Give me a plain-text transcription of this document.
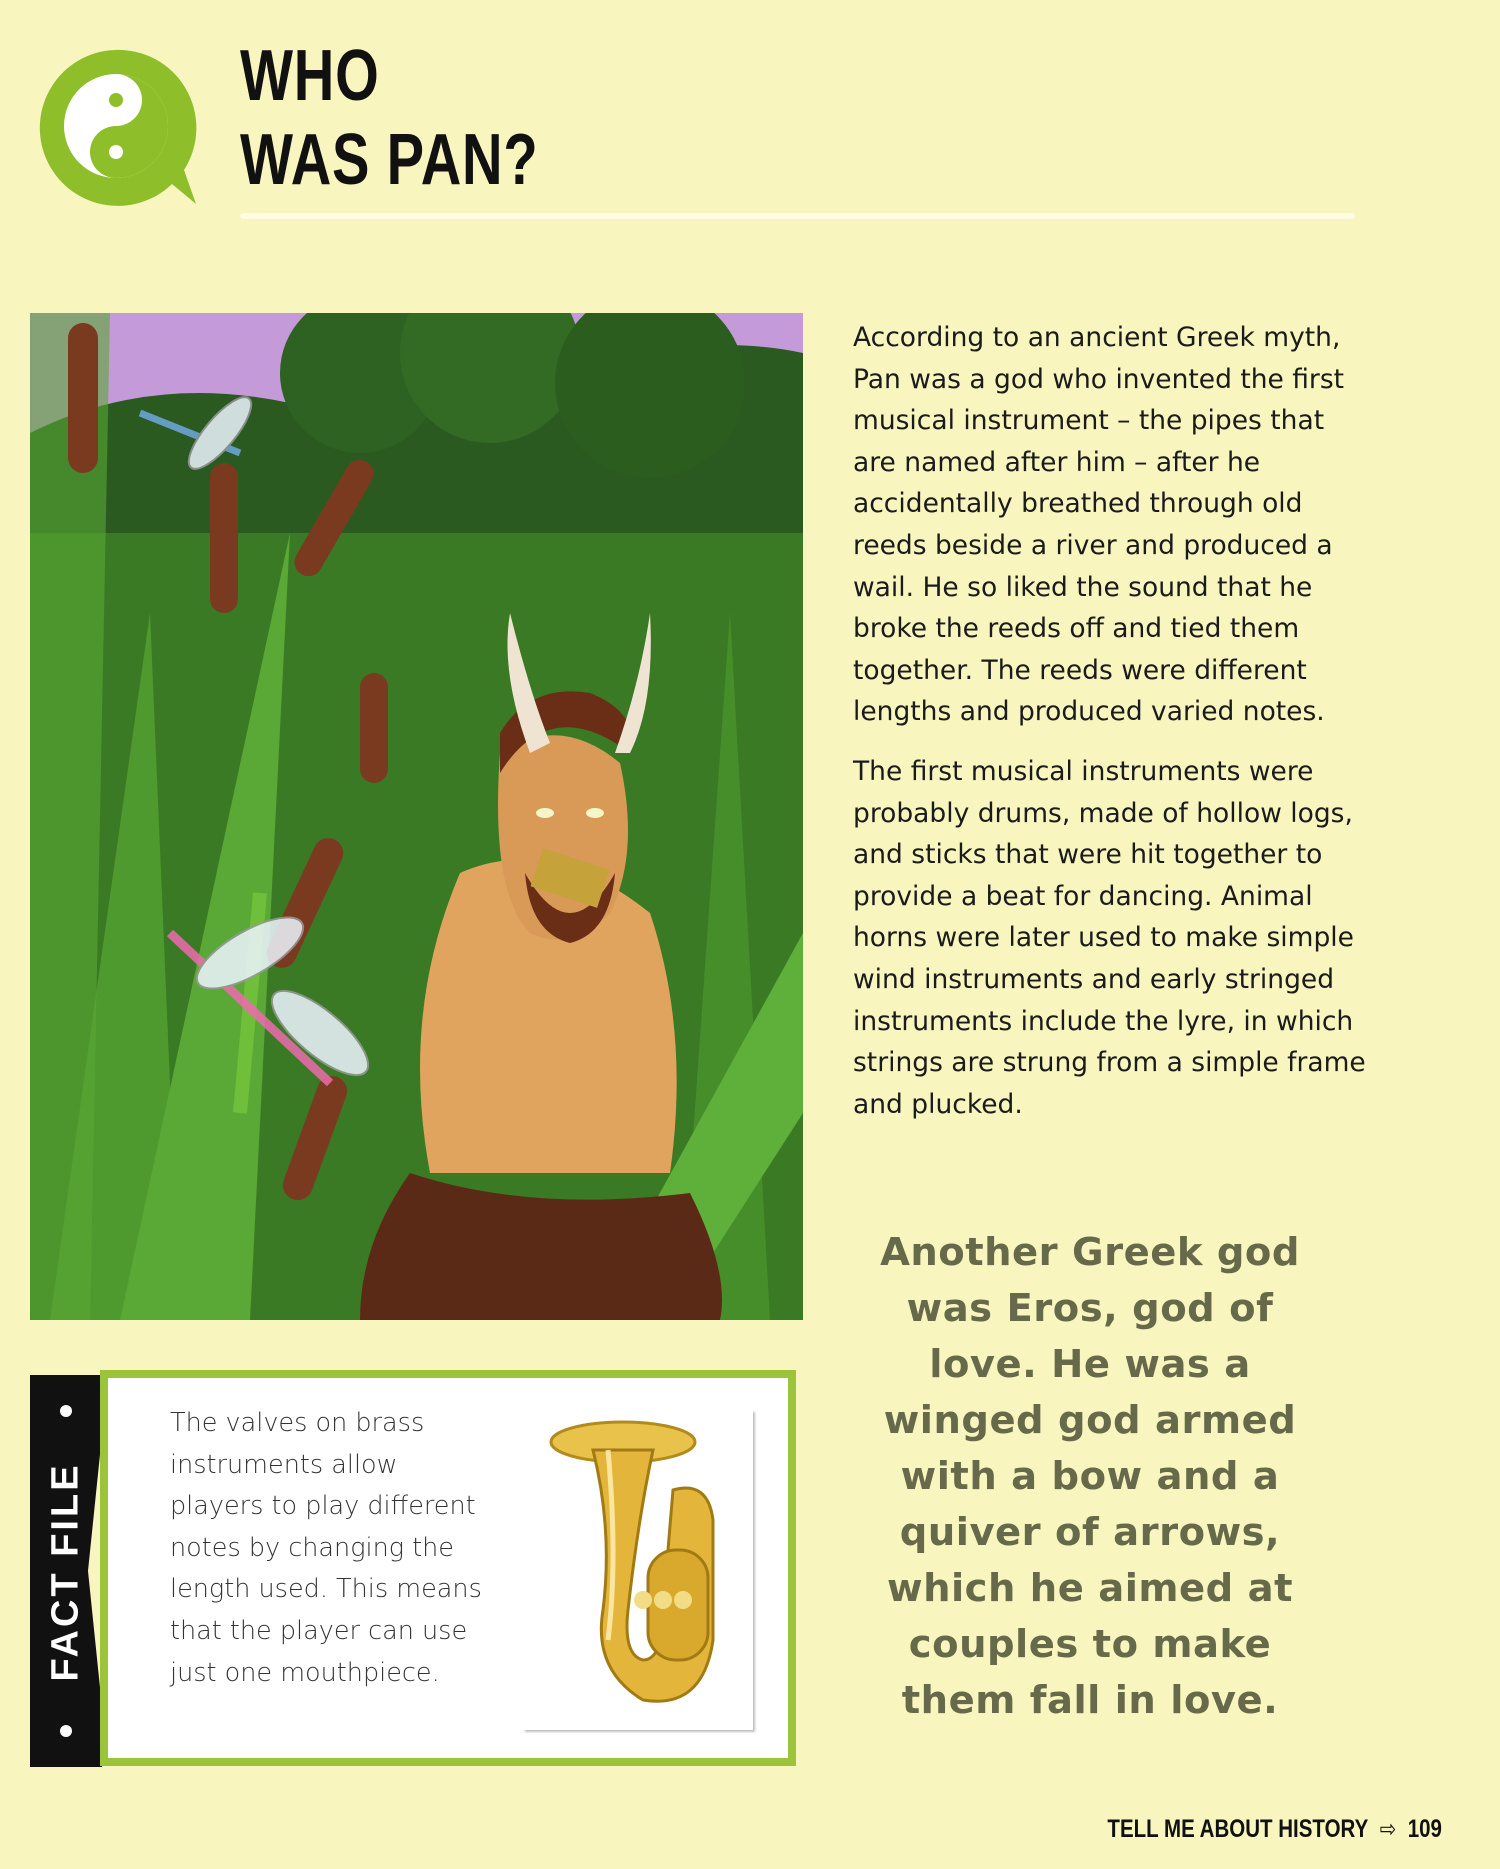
WHO
WAS PAN?

According to an ancient Greek myth, Pan was a god who invented the first musical instrument – the pipes that are named after him – after he accidentally breathed through old reeds beside a river and produced a wail. He so liked the sound that he broke the reeds off and tied them together. The reeds were different lengths and produced varied notes.

The first musical instruments were probably drums, made of hollow logs, and sticks that were hit together to provide a beat for dancing. Animal horns were later used to make simple wind instruments and early stringed instruments include the lyre, in which strings are strung from a simple frame and plucked.

Another Greek god was Eros, god of love. He was a winged god armed with a bow and a quiver of arrows, which he aimed at couples to make them fall in love.
FACT FILE
The valves on brass instruments allow players to play different notes by changing the length used. This means that the player can use just one mouthpiece.
TELL ME ABOUT HISTORY ⇨ 109
